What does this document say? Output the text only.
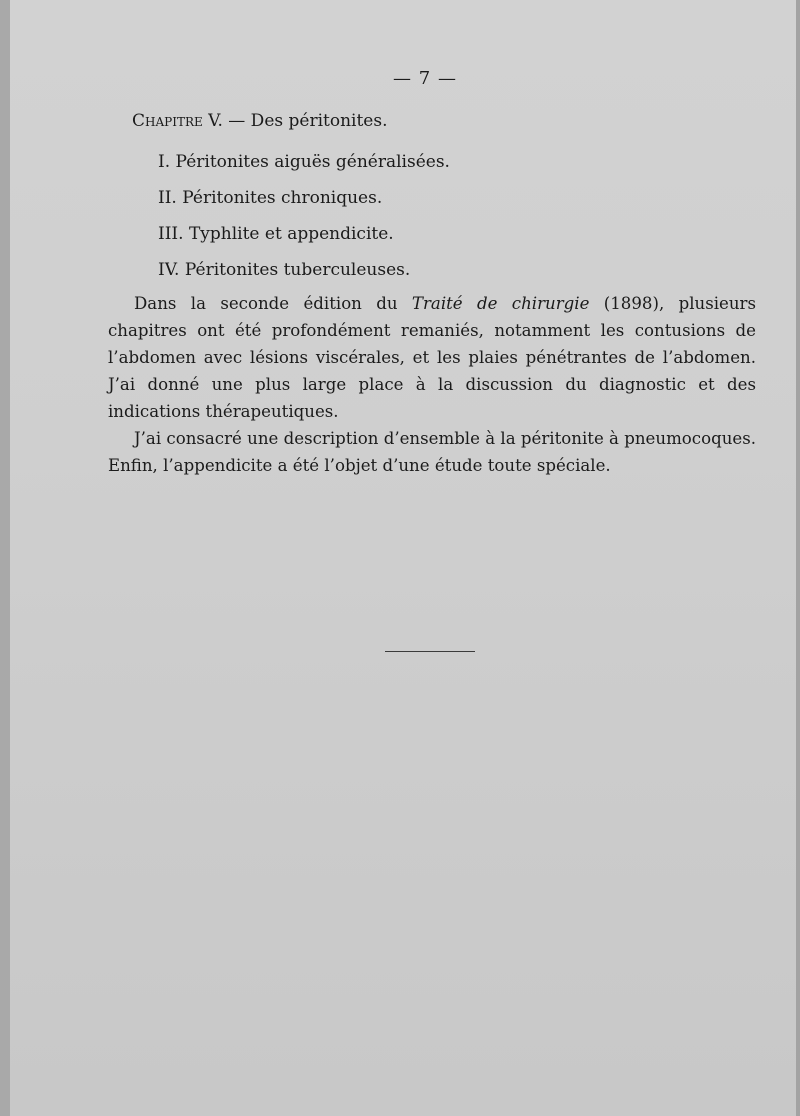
— 7 —
Chapitre V. — Des péritonites.
I. Péritonites aiguës généralisées.
II. Péritonites chroniques.
III. Typhlite et appendicite.
IV. Péritonites tuberculeuses.

Dans la seconde édition du Traité de chirurgie (1898), plusieurs chapitres ont été profondément remaniés, notamment les contusions de l’abdomen avec lésions viscérales, et les plaies pénétrantes de l’abdomen. J’ai donné une plus large place à la discussion du diagnostic et des indications thérapeutiques.

J’ai consacré une description d’ensemble à la péritonite à pneumocoques. Enfin, l’appendicite a été l’objet d’une étude toute spéciale.
